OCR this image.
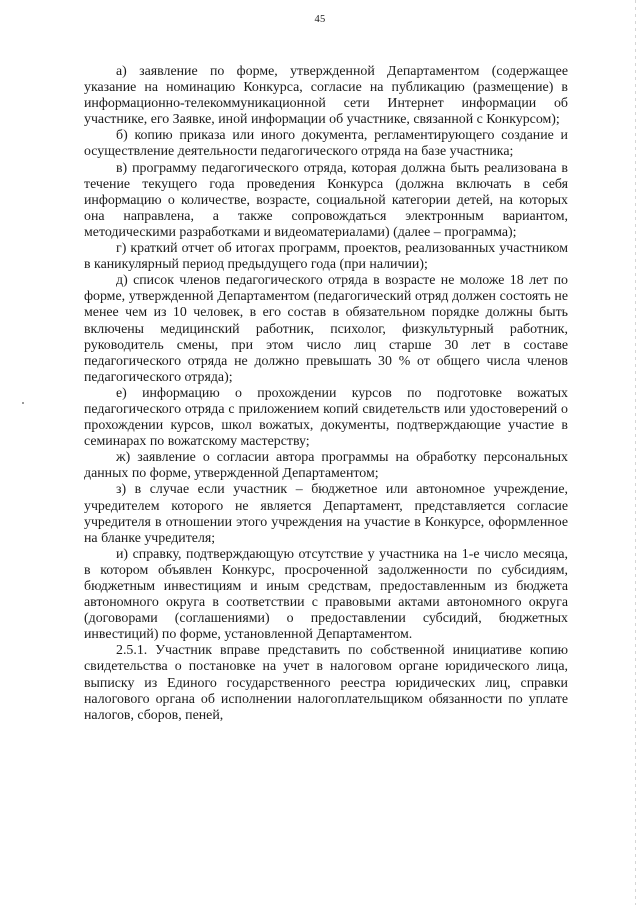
45

а) заявление по форме, утвержденной Департаментом (содержащее указание на номинацию Конкурса, согласие на публикацию (размещение) в информационно-телекоммуникационной сети Интернет информации об участнике, его Заявке, иной информации об участнике, связанной с Конкурсом);

б) копию приказа или иного документа, регламентирующего создание и осуществление деятельности педагогического отряда на базе участника;

в) программу педагогического отряда, которая должна быть реализована в течение текущего года проведения Конкурса (должна включать в себя информацию о количестве, возрасте, социальной категории детей, на которых она направлена, а также сопровождаться электронным вариантом, методическими разработками и видеоматериалами) (далее – программа);

г) краткий отчет об итогах программ, проектов, реализованных участником в каникулярный период предыдущего года (при наличии);

д) список членов педагогического отряда в возрасте не моложе 18 лет по форме, утвержденной Департаментом (педагогический отряд должен состоять не менее чем из 10 человек, в его состав в обязательном порядке должны быть включены медицинский работник, психолог, физкультурный работник, руководитель смены, при этом число лиц старше 30 лет в составе педагогического отряда не должно превышать 30 % от общего числа членов педагогического отряда);

е) информацию о прохождении курсов по подготовке вожатых педагогического отряда с приложением копий свидетельств или удостоверений о прохождении курсов, школ вожатых, документы, подтверждающие участие в семинарах по вожатскому мастерству;

ж) заявление о согласии автора программы на обработку персональных данных по форме, утвержденной Департаментом;

з) в случае если участник – бюджетное или автономное учреждение, учредителем которого не является Департамент, представляется согласие учредителя в отношении этого учреждения на участие в Конкурсе, оформленное на бланке учредителя;

и) справку, подтверждающую отсутствие у участника на 1-е число месяца, в котором объявлен Конкурс, просроченной задолженности по субсидиям, бюджетным инвестициям и иным средствам, предоставленным из бюджета автономного округа в соответствии с правовыми актами автономного округа (договорами (соглашениями) о предоставлении субсидий, бюджетных инвестиций) по форме, установленной Департаментом.

2.5.1. Участник вправе представить по собственной инициативе копию свидетельства о постановке на учет в налоговом органе юридического лица, выписку из Единого государственного реестра юридических лиц, справки налогового органа об исполнении налогоплательщиком обязанности по уплате налогов, сборов, пеней,
